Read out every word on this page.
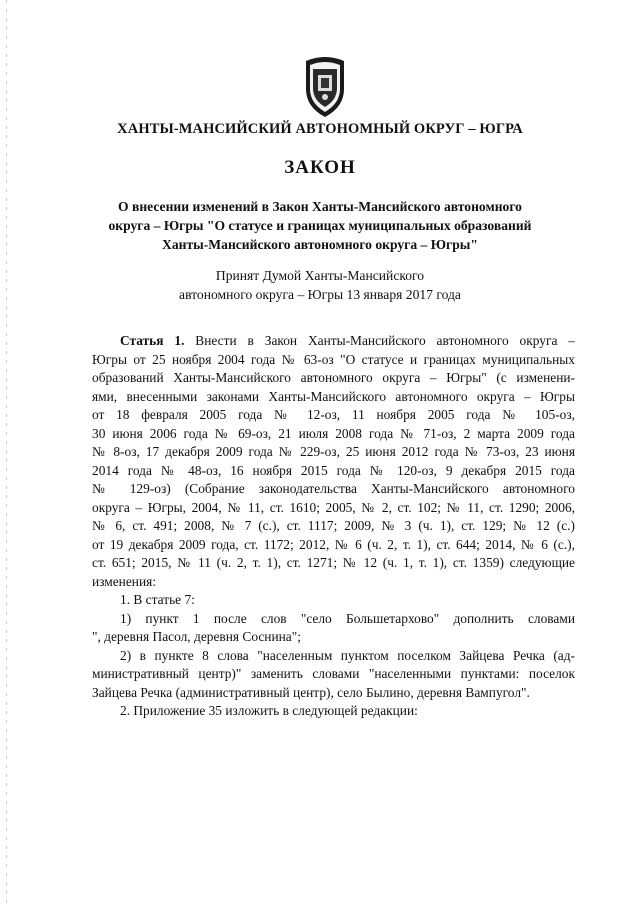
ХАНТЫ-МАНСИЙСКИЙ АВТОНОМНЫЙ ОКРУГ – ЮГРА
ЗАКОН
О внесении изменений в Закон Ханты-Мансийского автономного
округа – Югры "О статусе и границах муниципальных образований
Ханты-Мансийского автономного округа – Югры"
Принят Думой Ханты-Мансийского
автономного округа – Югры 13 января 2017 года
Статья 1. Внести в Закон Ханты-Мансийского автономного округа –
Югры от 25 ноября 2004 года № 63-оз "О статусе и границах муниципальных
образований Ханты-Мансийского автономного округа – Югры" (с изменени-
ями, внесенными законами Ханты-Мансийского автономного округа – Югры
от 18 февраля 2005 года № 12-оз, 11 ноября 2005 года № 105-оз,
30 июня 2006 года № 69-оз, 21 июля 2008 года № 71-оз, 2 марта 2009 года
№ 8-оз, 17 декабря 2009 года № 229-оз, 25 июня 2012 года № 73-оз, 23 июня
2014 года № 48-оз, 16 ноября 2015 года № 120-оз, 9 декабря 2015 года
№ 129-оз) (Собрание законодательства Ханты-Мансийского автономного
округа – Югры, 2004, № 11, ст. 1610; 2005, № 2, ст. 102; № 11, ст. 1290; 2006,
№ 6, ст. 491; 2008, № 7 (с.), ст. 1117; 2009, № 3 (ч. 1), ст. 129; № 12 (с.)
от 19 декабря 2009 года, ст. 1172; 2012, № 6 (ч. 2, т. 1), ст. 644; 2014, № 6 (с.),
ст. 651; 2015, № 11 (ч. 2, т. 1), ст. 1271; № 12 (ч. 1, т. 1), ст. 1359) следующие
изменения:
1. В статье 7:
1) пункт 1 после слов "село Большетархово" дополнить словами
", деревня Пасол, деревня Соснина";
2) в пункте 8 слова "населенным пунктом поселком Зайцева Речка (ад-
министративный центр)" заменить словами "населенными пунктами: поселок
Зайцева Речка (административный центр), село Былино, деревня Вампугол".
2. Приложение 35 изложить в следующей редакции:
